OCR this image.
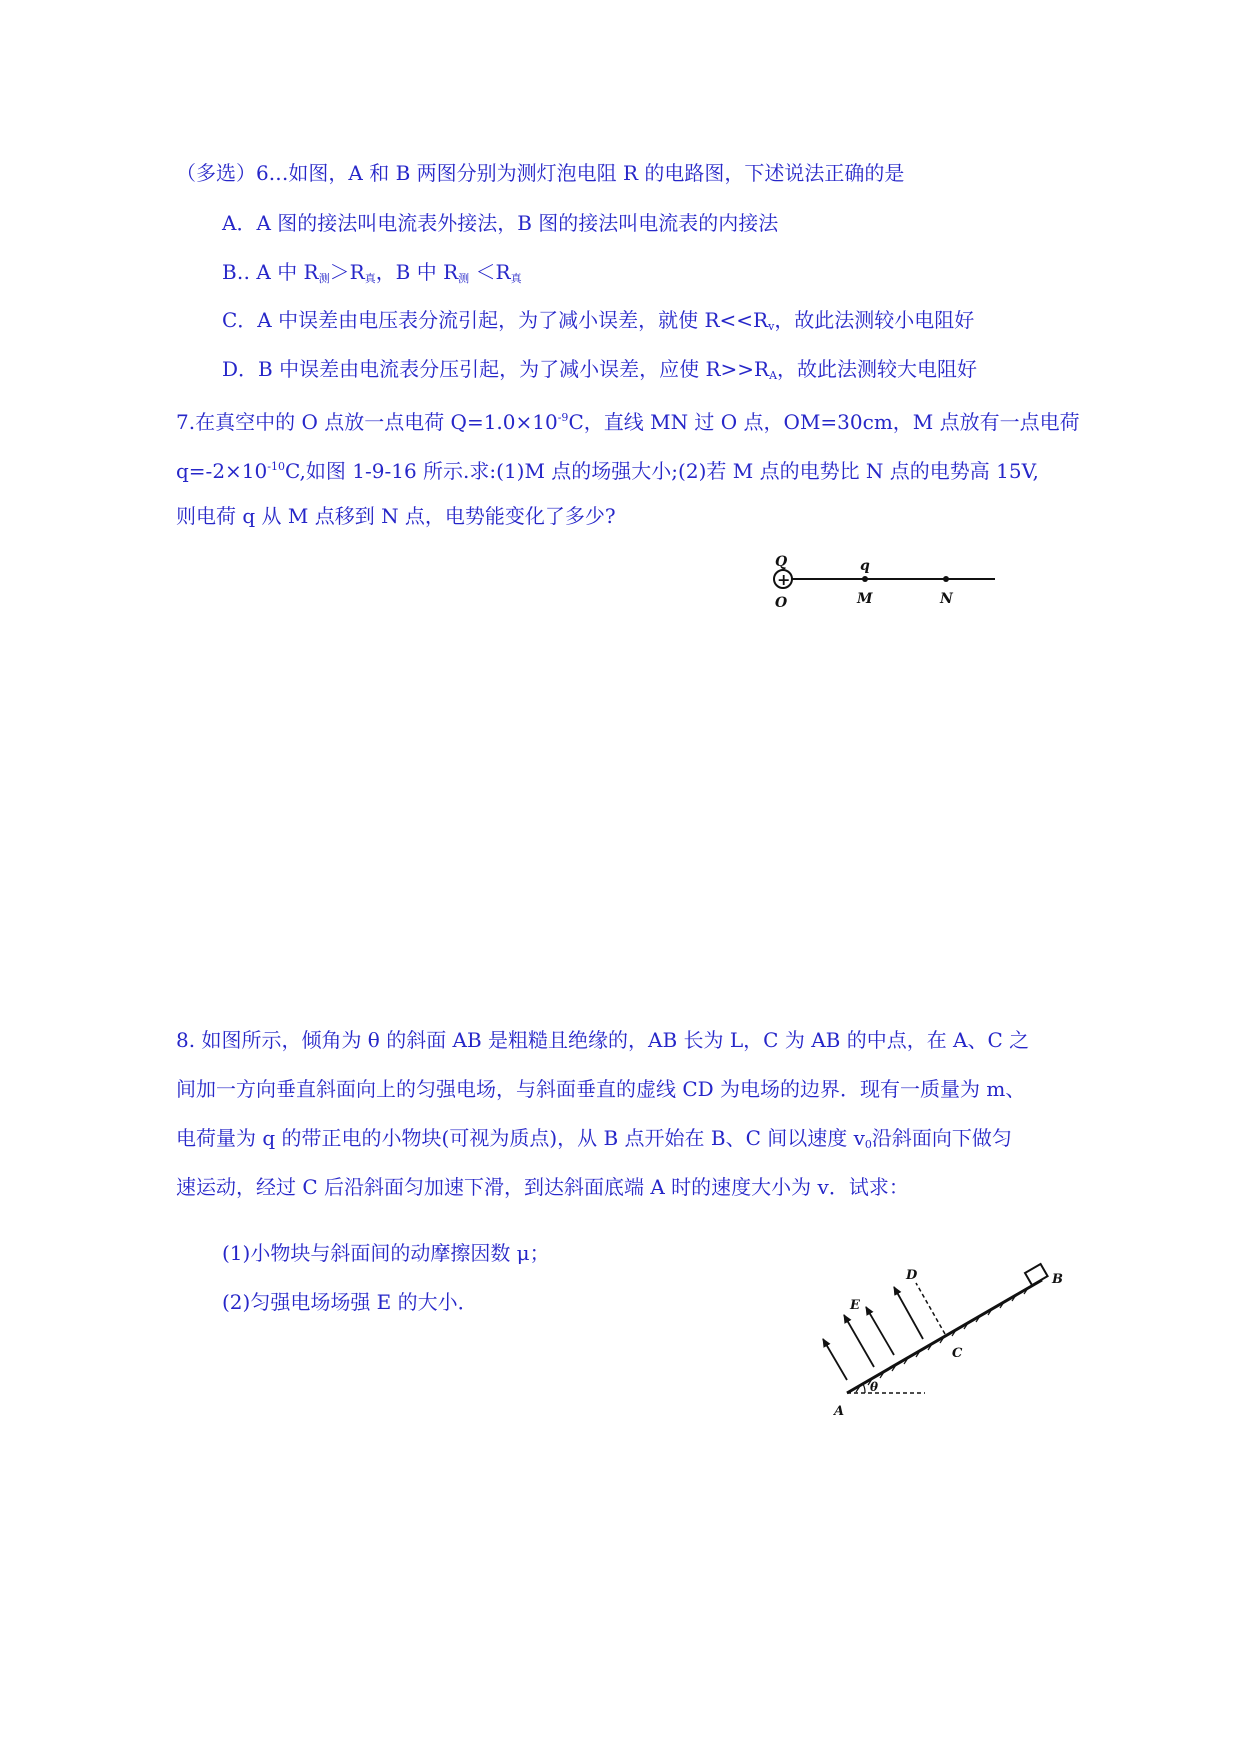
（多选）6.‥如图，A 和 B 两图分别为测灯泡电阻 R 的电路图，下述说法正确的是
A．A 图的接法叫电流表外接法，B 图的接法叫电流表的内接法
B‥ A 中 $R_测>R_真$，B 中 $R_测 <R_真$
C．A 中误差由电压表分流引起，为了减小误差，就使 $R<<R_v$，故此法测较小电阻好
D．B 中误差由电流表分压引起，为了减小误差，应使 $R>>R_A$，故此法测较大电阻好
7.在真空中的 O 点放一点电荷 $Q=1.0\times 10^{-9}C$，直线 MN 过 O 点，OM=30cm，M 点放有一点电荷
$q=-2\times 10^{-10}C$,如图 1-9-16 所示.求:(1)M 点的场强大小;(2)若 M 点的电势比 N 点的电势高 15V,
则电荷 q 从 M 点移到 N 点，电势能变化了多少?
+
Q
O
q
M	N
8. 如图所示，倾角为 θ 的斜面 AB 是粗糙且绝缘的，AB 长为 L，C 为 AB 的中点，在 A、C 之
间加一方向垂直斜面向上的匀强电场，与斜面垂直的虚线 CD 为电场的边界．现有一质量为 m、
电荷量为 q 的带正电的小物块(可视为质点)，从 B 点开始在 B、C 间以速度 $v_0$沿斜面向下做匀
速运动，经过 C 后沿斜面匀加速下滑，到达斜面底端 A 时的速度大小为 v．试求：
(1)小物块与斜面间的动摩擦因数 μ；
(2)匀强电场场强 E 的大小．
θ
A
B
C
D
E
